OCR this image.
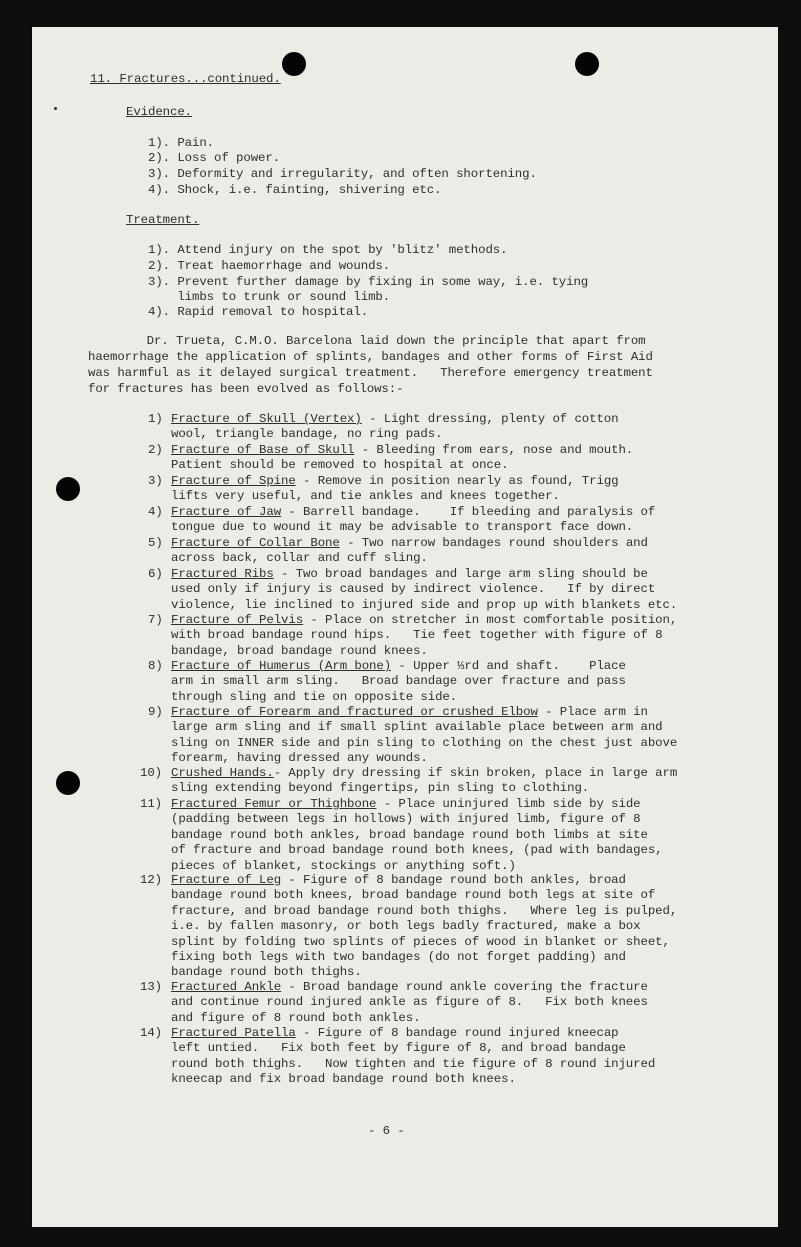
11. Fractures...continued.
Evidence.
1). Pain.
2). Loss of power.
3). Deformity and irregularity, and often shortening.
4). Shock, i.e. fainting, shivering etc.
Treatment.
1). Attend injury on the spot by 'blitz' methods.
2). Treat haemorrhage and wounds.
3). Prevent further damage by fixing in some way, i.e. tying
limbs to trunk or sound limb.
4). Rapid removal to hospital.
Dr. Trueta, C.M.O. Barcelona laid down the principle that apart from
haemorrhage the application of splints, bandages and other forms of First Aid
was harmful as it delayed surgical treatment.   Therefore emergency treatment
for fractures has been evolved as follows:-
1) Fracture of Skull (Vertex) - Light dressing, plenty of cotton
wool, triangle bandage, no ring pads.
2) Fracture of Base of Skull - Bleeding from ears, nose and mouth.
Patient should be removed to hospital at once.
3) Fracture of Spine - Remove in position nearly as found, Trigg
lifts very useful, and tie ankles and knees together.
4) Fracture of Jaw - Barrell bandage.    If bleeding and paralysis of
tongue due to wound it may be advisable to transport face down.
5) Fracture of Collar Bone - Two narrow bandages round shoulders and
across back, collar and cuff sling.
6) Fractured Ribs - Two broad bandages and large arm sling should be
used only if injury is caused by indirect violence.   If by direct
violence, lie inclined to injured side and prop up with blankets etc.
7) Fracture of Pelvis - Place on stretcher in most comfortable position,
with broad bandage round hips.   Tie feet together with figure of 8
bandage, broad bandage round knees.
8) Fracture of Humerus (Arm bone) - Upper ⅓rd and shaft.    Place
arm in small arm sling.   Broad bandage over fracture and pass
through sling and tie on opposite side.
9) Fracture of Forearm and fractured or crushed Elbow - Place arm in
large arm sling and if small splint available place between arm and
sling on INNER side and pin sling to clothing on the chest just above
forearm, having dressed any wounds.
10) Crushed Hands.- Apply dry dressing if skin broken, place in large arm
sling extending beyond fingertips, pin sling to clothing.
11) Fractured Femur or Thighbone - Place uninjured limb side by side
(padding between legs in hollows) with injured limb, figure of 8
bandage round both ankles, broad bandage round both limbs at site
of fracture and broad bandage round both knees, (pad with bandages,
pieces of blanket, stockings or anything soft.)
12) Fracture of Leg - Figure of 8 bandage round both ankles, broad
bandage round both knees, broad bandage round both legs at site of
fracture, and broad bandage round both thighs.   Where leg is pulped,
i.e. by fallen masonry, or both legs badly fractured, make a box
splint by folding two splints of pieces of wood in blanket or sheet,
fixing both legs with two bandages (do not forget padding) and
bandage round both thighs.
13) Fractured Ankle - Broad bandage round ankle covering the fracture
and continue round injured ankle as figure of 8.   Fix both knees
and figure of 8 round both ankles.
14) Fractured Patella - Figure of 8 bandage round injured kneecap
left untied.   Fix both feet by figure of 8, and broad bandage
round both thighs.   Now tighten and tie figure of 8 round injured
kneecap and fix broad bandage round both knees.
- 6 -
